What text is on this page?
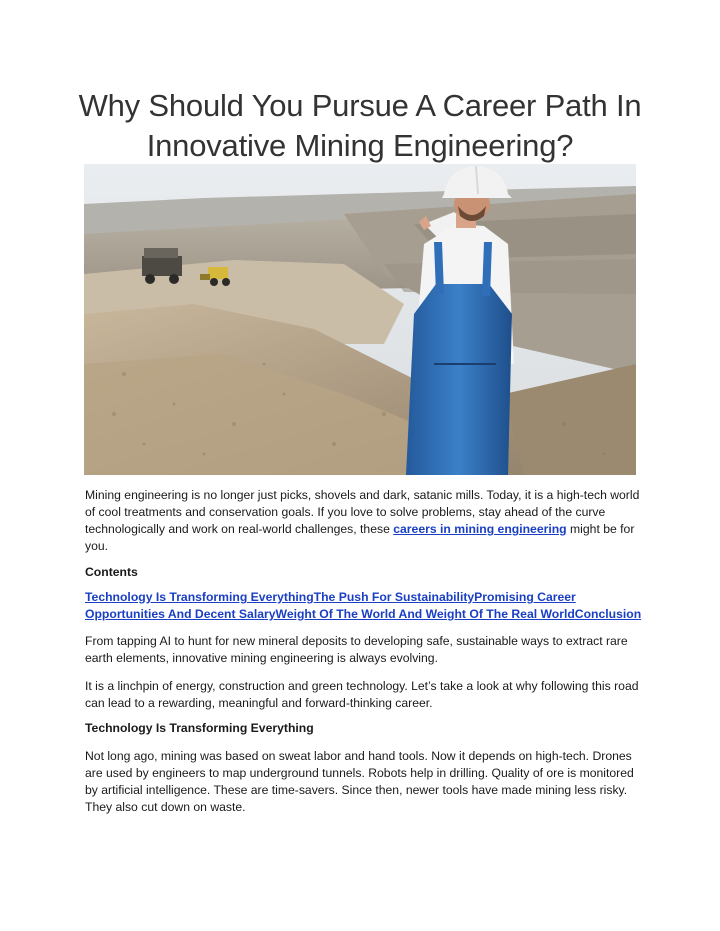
Why Should You Pursue A Career Path In
Innovative Mining Engineering?

Mining engineering is no longer just picks, shovels and dark, satanic mills. Today, it is a high-tech world of cool treatments and conservation goals. If you love to solve problems, stay ahead of the curve technologically and work on real-world challenges, these careers in mining engineering might be for you.

Contents

Technology Is Transforming EverythingThe Push For SustainabilityPromising Career Opportunities And Decent SalaryWeight Of The World And Weight Of The Real WorldConclusion

From tapping AI to hunt for new mineral deposits to developing safe, sustainable ways to extract rare earth elements, innovative mining engineering is always evolving.

It is a linchpin of energy, construction and green technology. Let’s take a look at why following this road can lead to a rewarding, meaningful and forward-thinking career.

Technology Is Transforming Everything

Not long ago, mining was based on sweat labor and hand tools. Now it depends on high-tech. Drones are used by engineers to map underground tunnels. Robots help in drilling. Quality of ore is monitored by artificial intelligence. These are time-savers. Since then, newer tools have made mining less risky. They also cut down on waste.
